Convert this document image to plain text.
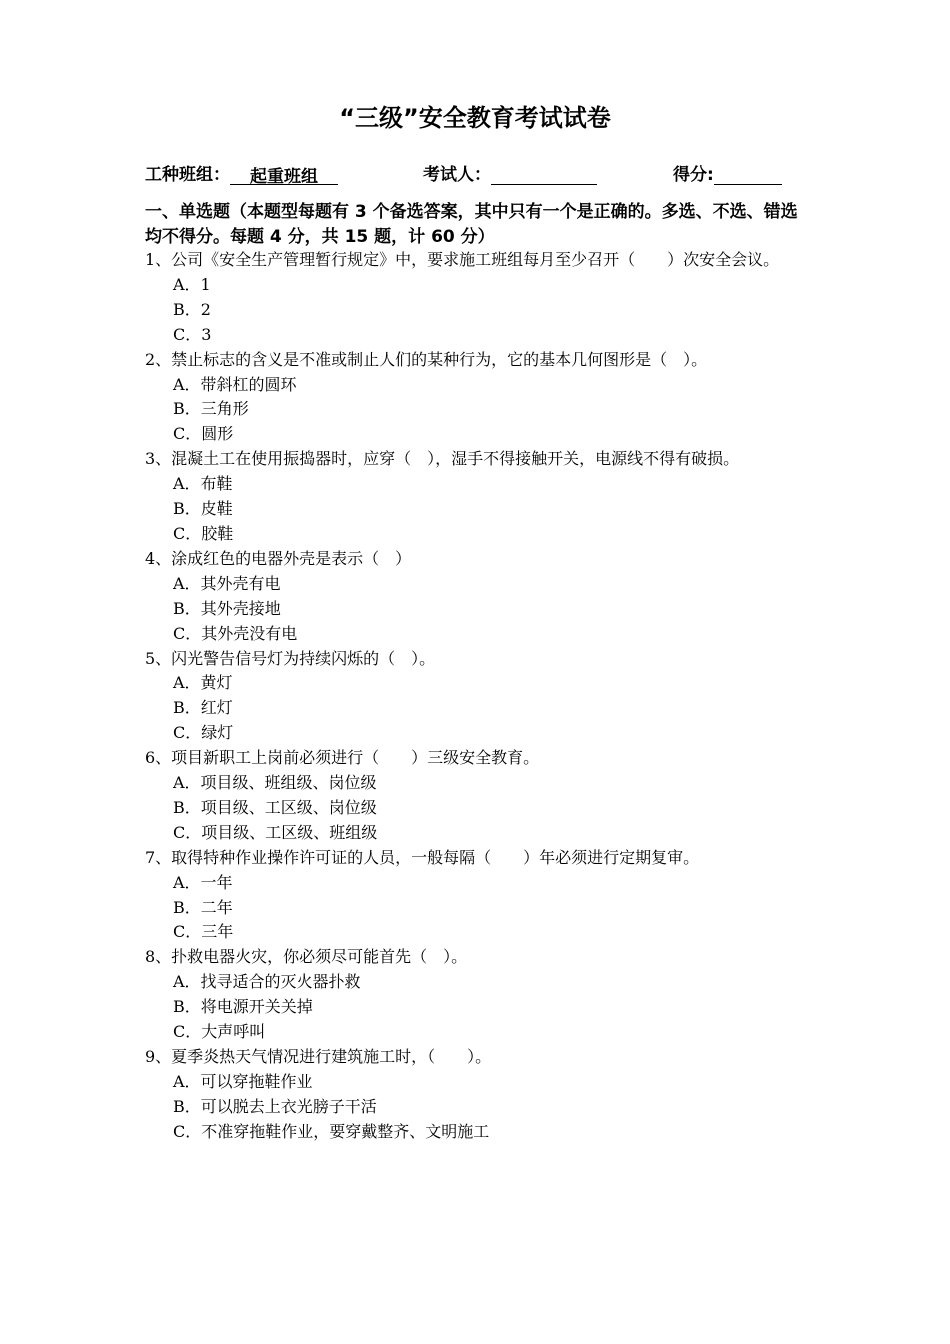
“三级”安全教育考试试卷
工种班组： 起重班组	考试人：	得分:
一、单选题（本题型每题有 3 个备选答案，其中只有一个是正确的。多选、不选、错选均不得分。每题 4 分，共 15 题，计 60 分）

1、公司《安全生产管理暂行规定》中，要求施工班组每月至少召开（　　）次安全会议。

A．1

B．2

C．3

2、禁止标志的含义是不准或制止人们的某种行为，它的基本几何图形是（　）。

A．带斜杠的圆环

B．三角形

C．圆形

3、混凝土工在使用振捣器时，应穿（　），湿手不得接触开关，电源线不得有破损。

A．布鞋

B．皮鞋

C．胶鞋

4、涂成红色的电器外壳是表示（　）

A．其外壳有电

B．其外壳接地

C．其外壳没有电

5、闪光警告信号灯为持续闪烁的（　）。

A．黄灯

B．红灯

C．绿灯

6、项目新职工上岗前必须进行（　　）三级安全教育。

A．项目级、班组级、岗位级

B．项目级、工区级、岗位级

C．项目级、工区级、班组级

7、取得特种作业操作许可证的人员，一般每隔（　　）年必须进行定期复审。

A．一年

B．二年

C．三年

8、扑救电器火灾，你必须尽可能首先（　）。

A．找寻适合的灭火器扑救

B．将电源开关关掉

C．大声呼叫

9、夏季炎热天气情况进行建筑施工时，（　　）。

A．可以穿拖鞋作业

B．可以脱去上衣光膀子干活

C．不准穿拖鞋作业，要穿戴整齐、文明施工
